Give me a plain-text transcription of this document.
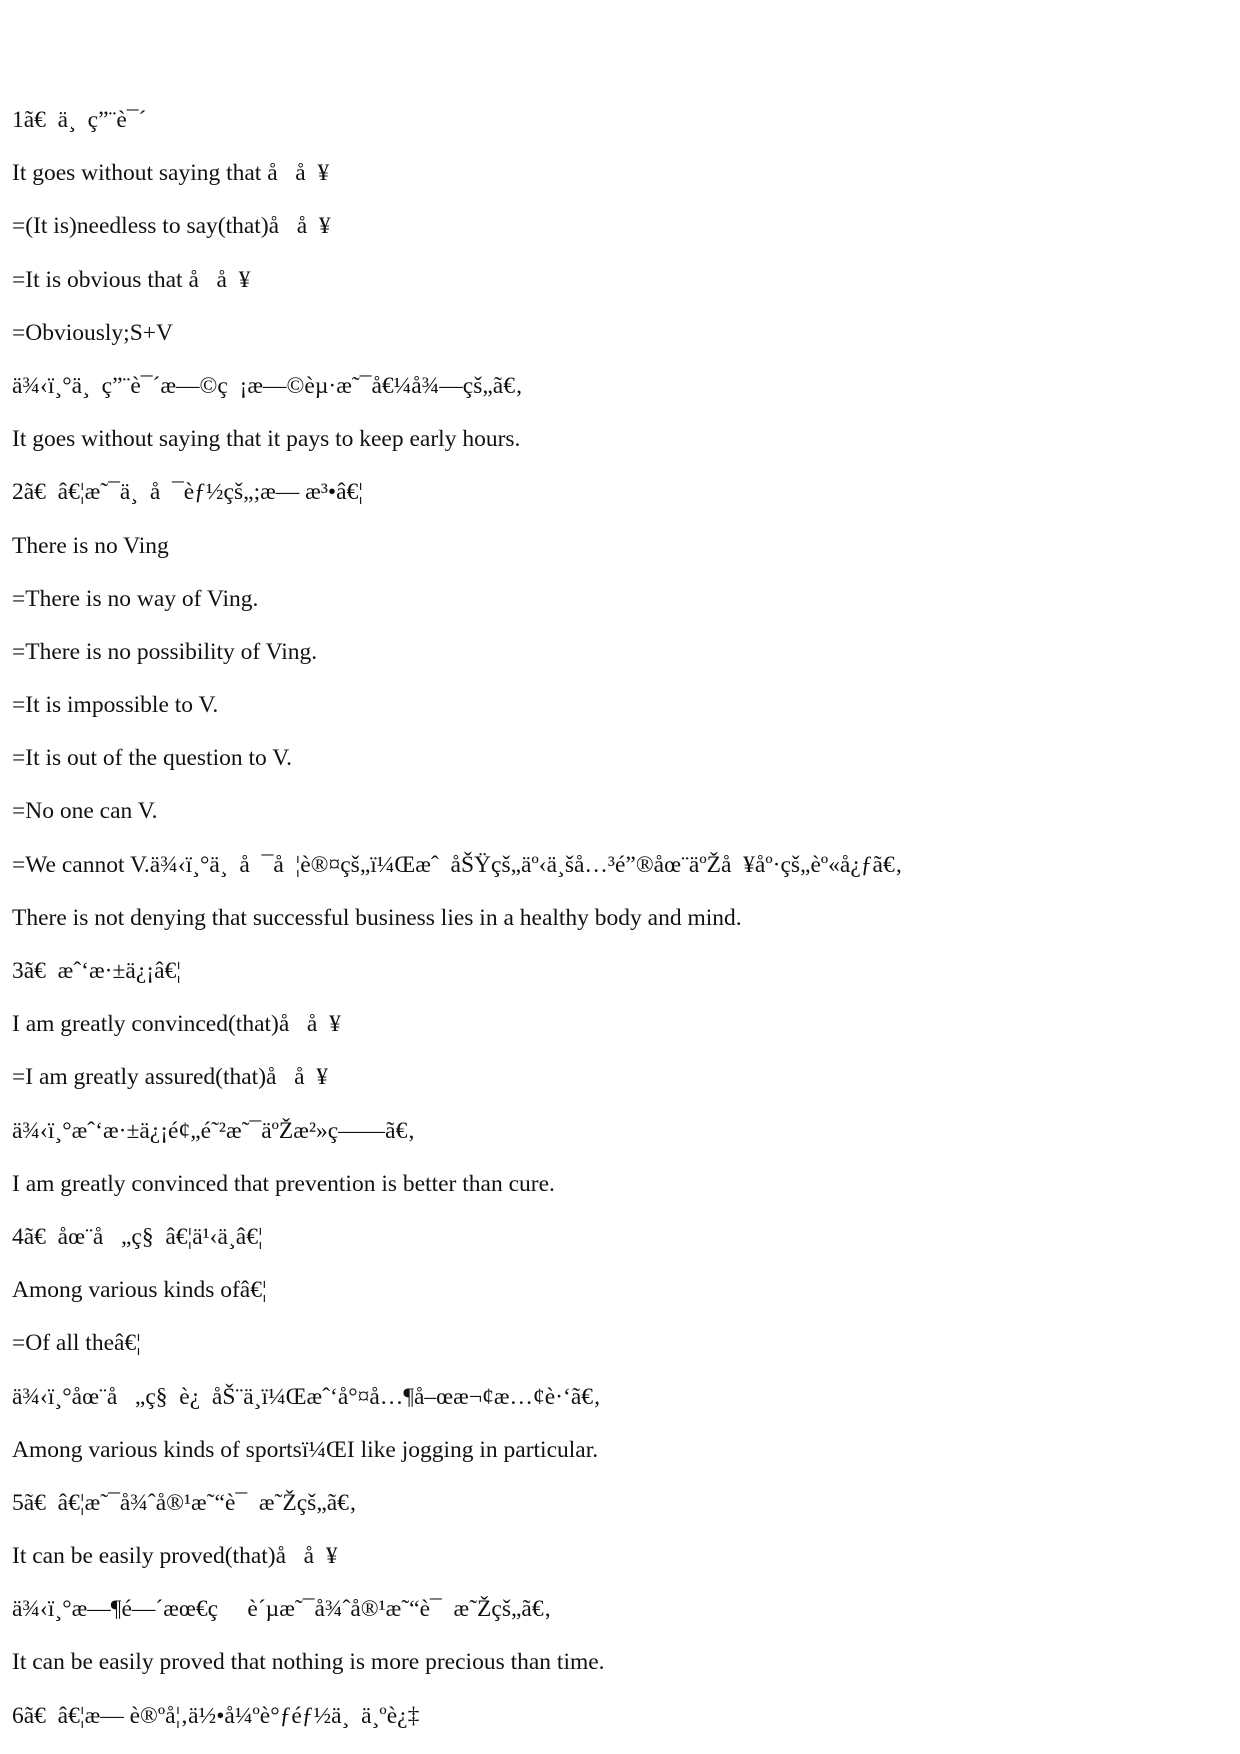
1ã€  ä¸  ç”¨è¯´
It goes without saying that å   å  ¥
=(It is)needless to say(that)å   å  ¥
=It is obvious that å   å  ¥
=Obviously;S+V
ä¾‹ï¸°ä¸  ç”¨è¯´æ—©ç  ¡æ—©èµ·æ˜¯å€¼å¾—çš„ã€‚
It goes without saying that it pays to keep early hours.
2ã€  â€¦æ˜¯ä¸  å  ¯èƒ½çš„;æ— æ³•â€¦
There is no Ving
=There is no way of Ving.
=There is no possibility of Ving.
=It is impossible to V.
=It is out of the question to V.
=No one can V.
=We cannot V.ä¾‹ï¸°ä¸  å  ¯å  ¦è®¤çš„ï¼Œæˆ  åŠŸçš„äº‹ä¸šå…³é”®åœ¨äºŽå  ¥åº·çš„èº«å¿ƒã€‚
There is not denying that successful business lies in a healthy body and mind.
3ã€  æˆ‘æ·±ä¿¡â€¦
I am greatly convinced(that)å   å  ¥
=I am greatly assured(that)å   å  ¥
ä¾‹ï¸°æˆ‘æ·±ä¿¡é¢„é˜²æ˜¯äºŽæ²»ç——ã€‚
I am greatly convinced that prevention is better than cure.
4ã€  åœ¨å   „ç§  â€¦ä¹‹ä¸â€¦
Among various kinds ofâ€¦
=Of all theâ€¦
ä¾‹ï¸°åœ¨å   „ç§  è¿  åŠ¨ä¸ï¼Œæˆ‘å°¤å…¶å–œæ¬¢æ…¢è·‘ã€‚
Among various kinds of sportsï¼ŒI like jogging in particular.
5ã€  â€¦æ˜¯å¾ˆå®¹æ˜“è¯  æ˜Žçš„ã€‚
It can be easily proved(that)å   å  ¥
ä¾‹ï¸°æ—¶é—´æœ€ç     è´µæ˜¯å¾ˆå®¹æ˜“è¯  æ˜Žçš„ã€‚
It can be easily proved that nothing is more precious than time.
6ã€  â€¦æ— è®ºå¦‚ä½•å¼ºè°ƒéƒ½ä¸  ä¸ºè¿‡
